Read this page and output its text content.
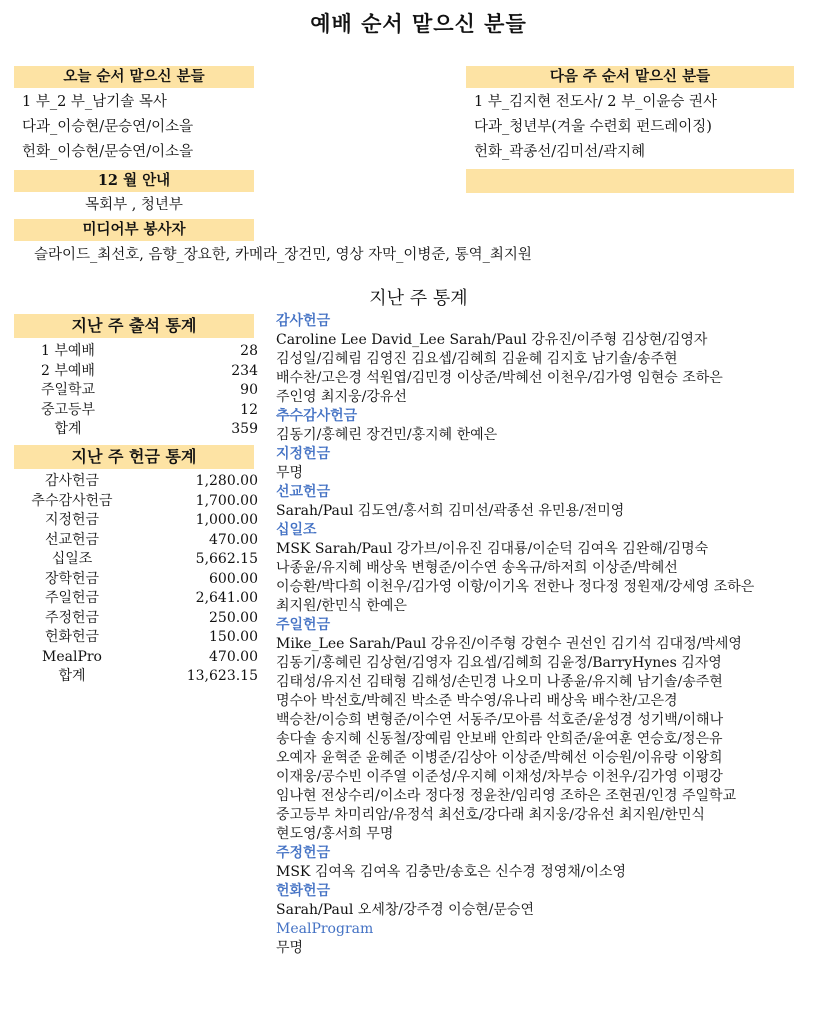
예배 순서 맡으신 분들
오늘 순서 맡으신 분들
1 부_2 부_남기솔 목사
다과_이승현/문승연/이소을
헌화_이승현/문승연/이소을
다음 주 순서 맡으신 분들
1 부_김지현 전도사/ 2 부_이윤승 권사
다과_청년부(겨울 수련회 펀드레이징)
헌화_곽종선/김미선/곽지혜
12 월 안내
목회부 , 청년부
미디어부 봉사자
슬라이드_최선호, 음향_장요한, 카메라_장건민, 영상 자막_이병준, 통역_최지원
지난 주 통계
지난 주 출석 통계
1 부예배	28
2 부예배	234
주일학교	90
중고등부	12
합계	359
지난 주 헌금 통계
감사헌금	1,280.00
추수감사헌금	1,700.00
지정헌금	1,000.00
선교헌금	470.00
십일조	5,662.15
장학헌금	600.00
주일헌금	2,641.00
주정헌금	250.00
헌화헌금	150.00
MealPro	470.00
합계	13,623.15
감사헌금
Caroline Lee David_Lee Sarah/Paul 강유진/이주형 김상현/김영자
김성일/김혜림 김영진 김요셉/김혜희 김윤혜 김지호 남기솔/송주현
배수찬/고은경 석원엽/김민경 이상준/박혜선 이천우/김가영 임현승 조하은
주인영 최지웅/강유선
추수감사헌금
김동기/홍혜린 장건민/홍지혜 한예은
지정헌금
무명
선교헌금
Sarah/Paul 김도연/홍서희 김미선/곽종선 유민용/전미영
십일조
MSK Sarah/Paul 강가브/이유진 김대룡/이순덕 김여옥 김완해/김명숙
나종윤/유지혜 배상욱 변형준/이수연 송옥규/하저희 이상준/박혜선
이승환/박다희 이천우/김가영 이항/이기옥 전한나 정다정 정원재/강세영 조하은
최지원/한민식 한예은
주일헌금
Mike_Lee Sarah/Paul 강유진/이주형 강현수 권선인 김기석 김대정/박세영
김동기/홍혜린 김상현/김영자 김요셉/김혜희 김윤정/BarryHynes 김자영
김태성/유지선 김태형 김해성/손민경 나오미 나종윤/유지혜 남기솔/송주현
명수아 박선호/박혜진 박소준 박수영/유나리 배상욱 배수찬/고은경
백승찬/이승희 변형준/이수연 서동주/모아름 석호준/윤성경 성기백/이해나
송다솔 송지혜 신동철/장예림 안보배 안희라 안희준/윤여훈 연승호/정은유
오예자 윤혁준 윤혜준 이병준/김상아 이상준/박혜선 이승원/이유랑 이왕희
이재웅/공수빈 이주열 이준성/우지혜 이채성/차부승 이천우/김가영 이평강
임나현 전상수리/이소라 정다정 정윤찬/임리영 조하은 조현권/인경 주일학교
중고등부 차미리암/유정석 최선호/강다래 최지웅/강유선 최지원/한민식
현도영/홍서희 무명
주정헌금
MSK 김여옥 김여옥 김충만/송호은 신수경 정영채/이소영
헌화헌금
Sarah/Paul 오세창/강주경 이승현/문승연
MealProgram
무명
